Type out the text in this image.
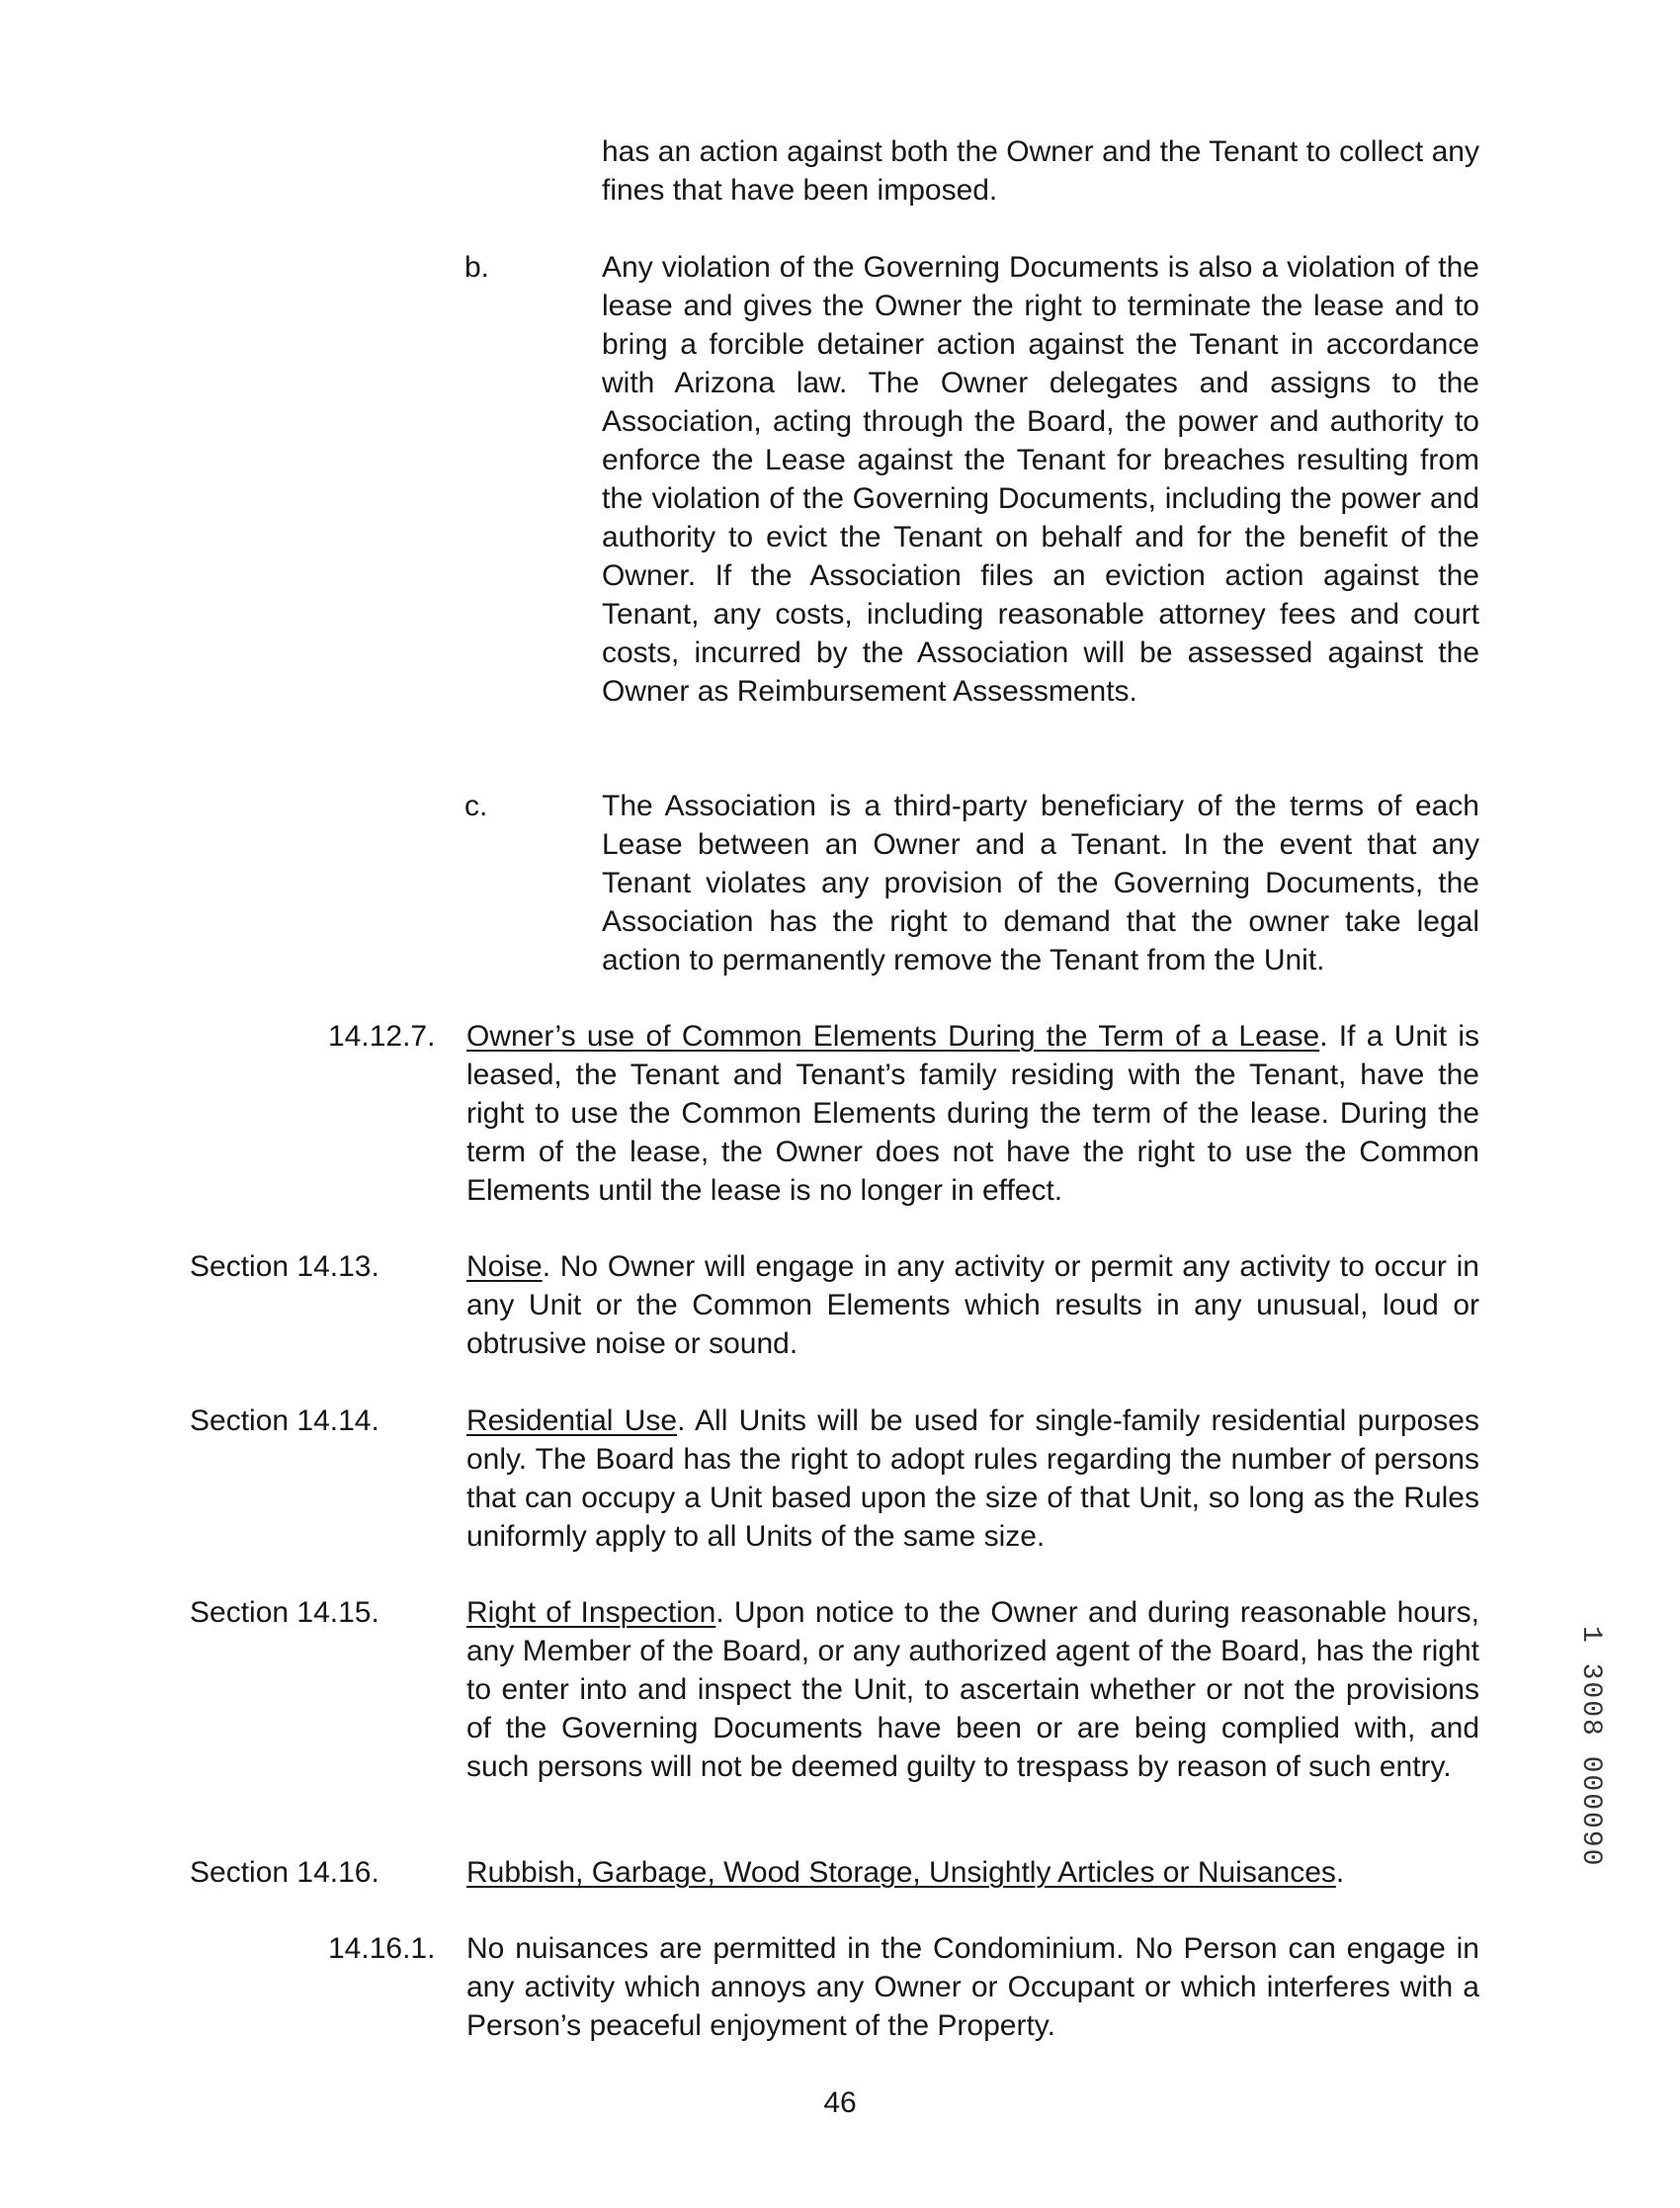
has an action against both the Owner and the Tenant to collect any fines that have been imposed.
b.	Any violation of the Governing Documents is also a violation of the lease and gives the Owner the right to terminate the lease and to bring a forcible detainer action against the Tenant in accordance with Arizona law. The Owner delegates and assigns to the Association, acting through the Board, the power and authority to enforce the Lease against the Tenant for breaches resulting from the violation of the Governing Documents, including the power and authority to evict the Tenant on behalf and for the benefit of the Owner. If the Association files an eviction action against the Tenant, any costs, including reasonable attorney fees and court costs, incurred by the Association will be assessed against the Owner as Reimbursement Assessments.
c.	The Association is a third-party beneficiary of the terms of each Lease between an Owner and a Tenant. In the event that any Tenant violates any provision of the Governing Documents, the Association has the right to demand that the owner take legal action to permanently remove the Tenant from the Unit.
14.12.7. Owner’s use of Common Elements During the Term of a Lease. If a Unit is leased, the Tenant and Tenant’s family residing with the Tenant, have the right to use the Common Elements during the term of the lease. During the term of the lease, the Owner does not have the right to use the Common Elements until the lease is no longer in effect.
Section 14.13.	Noise. No Owner will engage in any activity or permit any activity to occur in any Unit or the Common Elements which results in any unusual, loud or obtrusive noise or sound.
Section 14.14.	Residential Use. All Units will be used for single-family residential purposes only. The Board has the right to adopt rules regarding the number of persons that can occupy a Unit based upon the size of that Unit, so long as the Rules uniformly apply to all Units of the same size.
Section 14.15.	Right of Inspection. Upon notice to the Owner and during reasonable hours, any Member of the Board, or any authorized agent of the Board, has the right to enter into and inspect the Unit, to ascertain whether or not the provisions of the Governing Documents have been or are being complied with, and such persons will not be deemed guilty to trespass by reason of such entry.
Section 14.16.	Rubbish, Garbage, Wood Storage, Unsightly Articles or Nuisances.
14.16.1. No nuisances are permitted in the Condominium. No Person can engage in any activity which annoys any Owner or Occupant or which interferes with a Person’s peaceful enjoyment of the Property.
46
1 3008 000090
